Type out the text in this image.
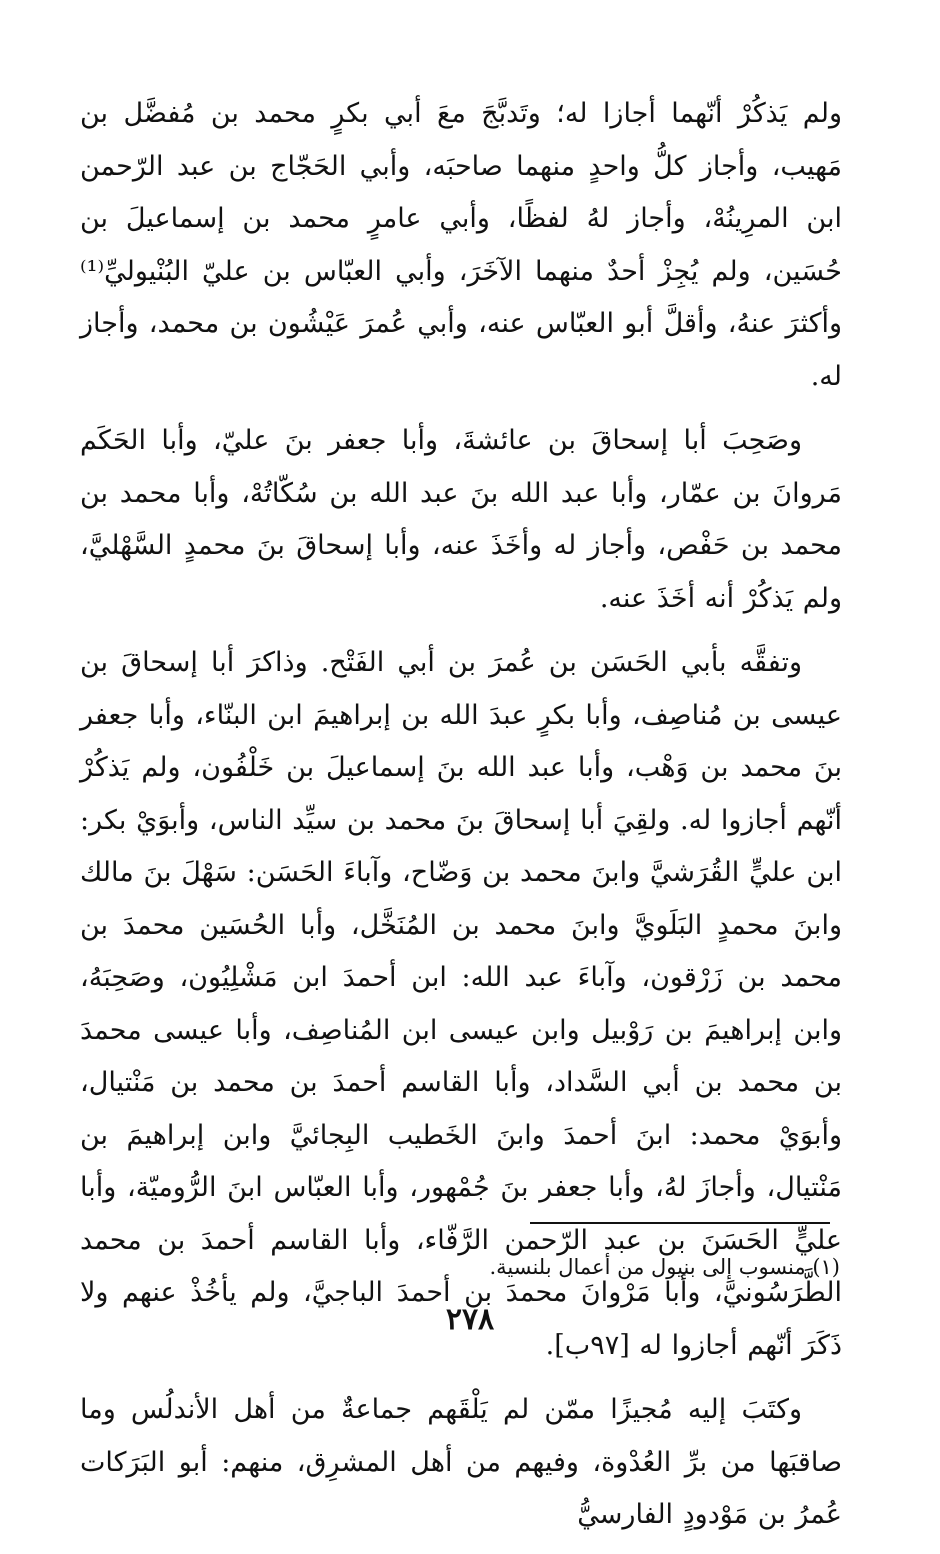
ولم يَذكُرْ أنّهما أجازا له؛ وتَدبَّجَ معَ أبي بكرٍ محمد بن مُفضَّل بن مَهيب، وأجاز كلُّ واحدٍ منهما صاحبَه، وأبي الحَجّاج بن عبد الرّحمن ابن المرِينُهْ، وأجاز لهُ لفظًا، وأبي عامرٍ محمد بن إسماعيلَ بن حُسَين، ولم يُجِزْ أحدٌ منهما الآخَرَ، وأبي العبّاس بن عليّ البُنْيوليِّ⁽¹⁾ وأكثرَ عنهُ، وأقلَّ أبو العبّاس عنه، وأبي عُمرَ عَيْشُون بن محمد، وأجاز له.

وصَحِبَ أبا إسحاقَ بن عائشةَ، وأبا جعفر بنَ عليّ، وأبا الحَكَم مَروانَ بن عمّار، وأبا عبد الله بنَ عبد الله بن سُكّاتُهْ، وأبا محمد بن محمد بن حَفْص، وأجاز له وأخَذَ عنه، وأبا إسحاقَ بنَ محمدٍ السَّهْليَّ، ولم يَذكُرْ أنه أخَذَ عنه.

وتفقَّه بأبي الحَسَن بن عُمرَ بن أبي الفَتْح. وذاكرَ أبا إسحاقَ بن عيسى بن مُناصِف، وأبا بكرٍ عبدَ الله بن إبراهيمَ ابن البنّاء، وأبا جعفر بنَ محمد بن وَهْب، وأبا عبد الله بنَ إسماعيلَ بن خَلْفُون، ولم يَذكُرْ أنّهم أجازوا له. ولقِيَ أبا إسحاقَ بنَ محمد بن سيِّد الناس، وأبوَيْ بكر: ابن عليٍّ القُرَشيَّ وابنَ محمد بن وَضّاح، وآباءَ الحَسَن: سَهْلَ بنَ مالك وابنَ محمدٍ البَلَويَّ وابنَ محمد بن المُنَخَّل، وأبا الحُسَين محمدَ بن محمد بن زَرْقون، وآباءَ عبد الله: ابن أحمدَ ابن مَشْلِيُون، وصَحِبَهُ، وابن إبراهيمَ بن رَوْبيل وابن عيسى ابن المُناصِف، وأبا عيسى محمدَ بن محمد بن أبي السَّداد، وأبا القاسم أحمدَ بن محمد بن مَنْتيال، وأبوَيْ محمد: ابنَ أحمدَ وابنَ الخَطيب البِجائيَّ وابن إبراهيمَ بن مَنْتيال، وأجازَ لهُ، وأبا جعفر بنَ جُمْهور، وأبا العبّاس ابنَ الرُّوميّة، وأبا عليٍّ الحَسَنَ بن عبد الرّحمن الرَّفّاء، وأبا القاسم أحمدَ بن محمد الطَّرَسُونيَّ، وأبا مَرْوانَ محمدَ بن أحمدَ الباجيَّ، ولم يأخُذْ عنهم ولا ذَكَرَ أنّهم أجازوا له [٩٧ب].

وكتَبَ إليه مُجيزًا ممّن لم يَلْقَهم جماعةٌ من أهل الأندلُس وما صاقبَها من برِّ العُدْوة، وفيهم من أهل المشرِق، منهم: أبو البَرَكات عُمرُ بن مَوْدودٍ الفارسيُّ

(١) منسوب إلى بنيول من أعمال بلنسية.
٢٧٨
